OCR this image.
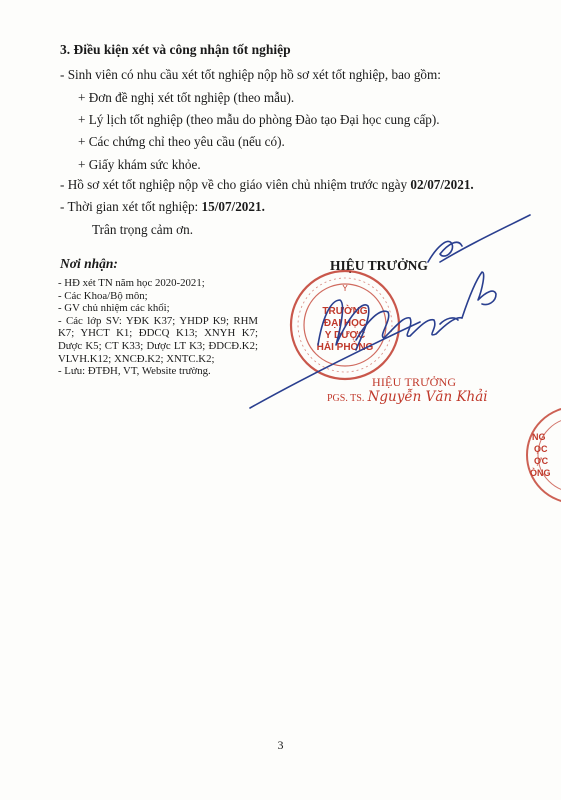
3. Điều kiện xét và công nhận tốt nghiệp
- Sinh viên có nhu cầu xét tốt nghiệp nộp hồ sơ xét tốt nghiệp, bao gồm:
+ Đơn đề nghị xét tốt nghiệp (theo mẫu).
+ Lý lịch tốt nghiệp (theo mẫu do phòng Đào tạo Đại học cung cấp).
+ Các chứng chỉ theo yêu cầu (nếu có).
+ Giấy khám sức khỏe.
- Hồ sơ xét tốt nghiệp nộp về cho giáo viên chủ nhiệm trước ngày 02/07/2021.
- Thời gian xét tốt nghiệp: 15/07/2021.
Trân trọng cảm ơn.
Nơi nhận:
- HĐ xét TN năm học 2020-2021;
- Các Khoa/Bộ môn;
- GV chủ nhiệm các khối;
- Các lớp SV: YĐK K37; YHDP K9; RHM K7; YHCT K1; ĐDCQ K13; XNYH K7; Dược K5; CT K33; Dược LT K3; ĐDCĐ.K2; VLVH.K12; XNCĐ.K2; XNTC.K2;
- Lưu: ĐTĐH, VT, Website trường.
HIỆU TRƯỞNG
Y
TRƯỜNG
ĐẠI HỌC
Y DƯỢC
HẢI PHÒNG
NG
ỌC
ỢC
ÒNG
HIỆU TRƯỞNG
PGS. TS. Nguyễn Văn Khải
3
